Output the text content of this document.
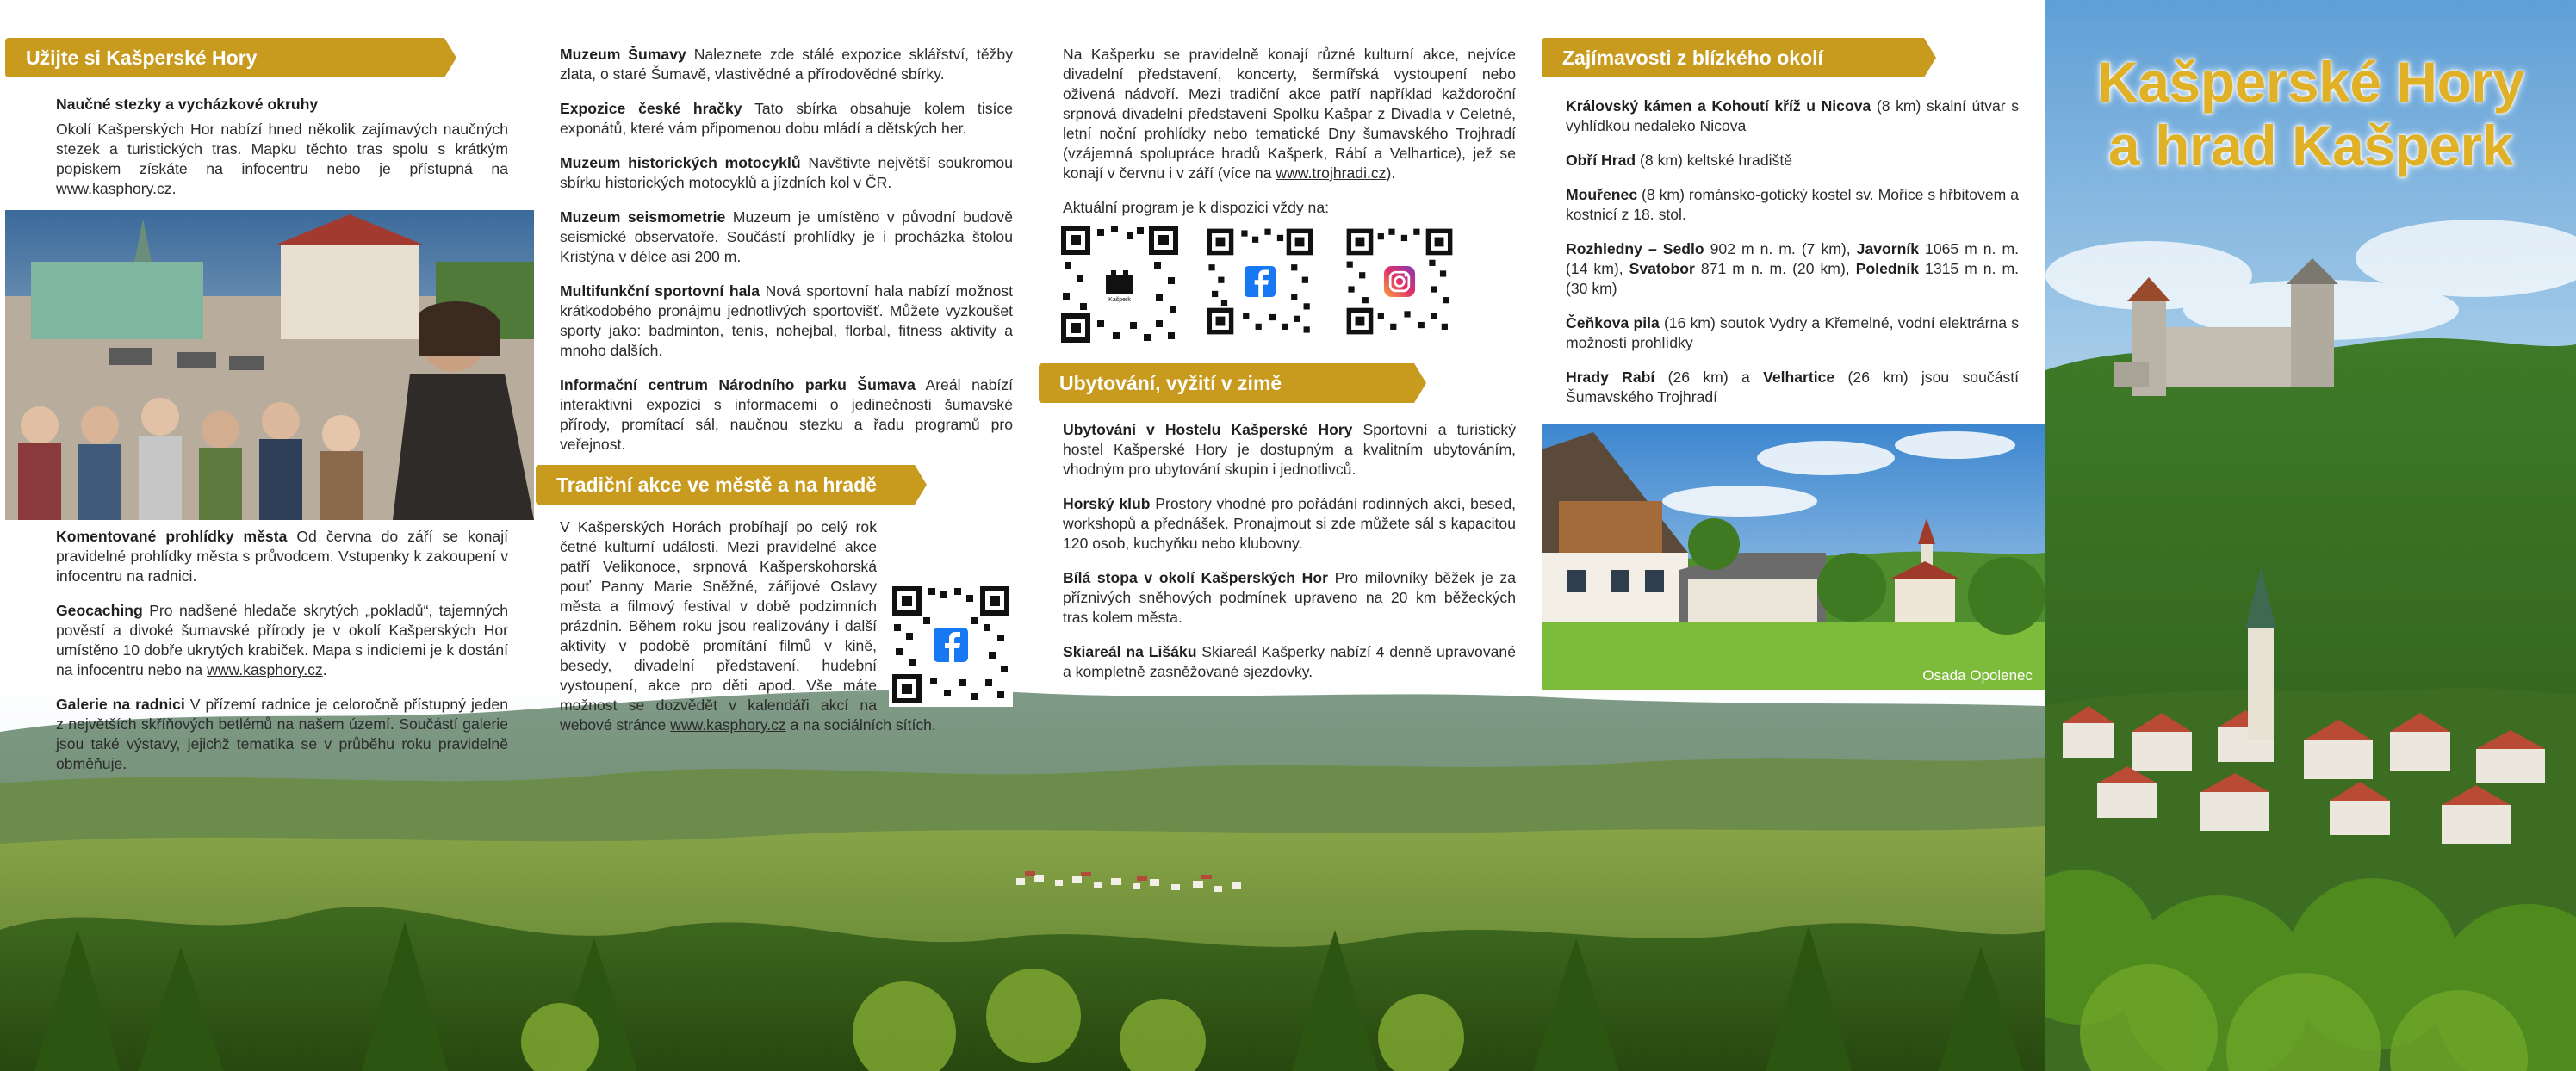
Kašperské Hory
a hrad Kašperk
Užijte si Kašperské Hory
Naučné stezky a vycházkové okruhy

Okolí Kašperských Hor nabízí hned několik zajímavých naučných stezek a turistických tras. Mapku těchto tras spolu s krátkým popiskem získáte na infocentru nebo je přístupná na www.kasphory.cz.

Komentované prohlídky města Od června do září se konají pravidelné prohlídky města s průvodcem. Vstupenky k zakoupení v infocentru na radnici.

Geocaching Pro nadšené hledače skrytých „pokladů“, tajemných pověstí a divoké šumavské přírody je v okolí Kašperských Hor umístěno 10 dobře ukrytých krabiček. Mapa s indiciemi je k dostání na infocentru nebo na www.kasphory.cz.

Galerie na radnici V přízemí radnice je celoročně přístupný jeden z největších skříňových betlémů na našem území. Součástí galerie jsou také výstavy, jejichž tematika se v průběhu roku pravidelně obměňuje.

Muzeum Šumavy Naleznete zde stálé expozice sklářství, těžby zlata, o staré Šumavě, vlastivědné a přírodovědné sbírky.

Expozice české hračky Tato sbírka obsahuje kolem tisíce exponátů, které vám připomenou dobu mládí a dětských her.

Muzeum historických motocyklů Navštivte největší soukromou sbírku historických motocyklů a jízdních kol v ČR.

Muzeum seismometrie Muzeum je umístěno v původní budově seismické observatoře. Součástí prohlídky je i procházka štolou Kristýna v délce asi 200 m.

Multifunkční sportovní hala Nová sportovní hala nabízí možnost krátkodobého pronájmu jednotlivých sportovišť. Můžete vyzkoušet sporty jako: badminton, tenis, nohejbal, florbal, fitness aktivity a mnoho dalších.

Informační centrum Národního parku Šumava Areál nabízí interaktivní expozici s informacemi o jedinečnosti šumavské přírody, promítací sál, naučnou stezku a řadu programů pro veřejnost.

Tradiční akce ve městě a na hradě
V Kašperských Horách probíhají po celý rok četné kulturní události. Mezi pravidelné akce patří Velikonoce, srpnová Kašperskohorská pouť Panny Marie Sněžné, zářijové Oslavy města a filmový festival v době podzimních prázdnin. Během roku jsou realizovány i další aktivity v podobě promítání filmů v kině, besedy, divadelní představení, hudební vystoupení, akce pro děti apod. Vše máte možnost se dozvědět v kalendáři akcí na webové stránce www.kasphory.cz a na sociálních sítích.

Na Kašperku se pravidelně konají různé kulturní akce, nejvíce divadelní představení, koncerty, šermířská vystoupení nebo oživená nádvoří. Mezi tradiční akce patří například každoroční srpnová divadelní představení Spolku Kašpar z Divadla v Celetné, letní noční prohlídky nebo tematické Dny šumavského Trojhradí (vzájemná spolupráce hradů Kašperk, Rábí a Velhartice), jež se konají v červnu i v září (více na www.trojhradi.cz).

Aktuální program je k dispozici vždy na:

Kašperk
Ubytování, vyžití v zimě

Ubytování v Hostelu Kašperské Hory Sportovní a turistický hostel Kašperské Hory je dostupným a kvalitním ubytováním, vhodným pro ubytování skupin i jednotlivců.

Horský klub Prostory vhodné pro pořádání rodinných akcí, besed, workshopů a přednášek. Pronajmout si zde můžete sál s kapacitou 120 osob, kuchyňku nebo klubovny.

Bílá stopa v okolí Kašperských Hor Pro milovníky běžek je za příznivých sněhových podmínek upraveno na 20 km běžeckých tras kolem města.

Skiareál na Lišáku Skiareál Kašperky nabízí 4 denně upravované a kompletně zasněžované sjezdovky.

Zajímavosti z blízkého okolí

Královský kámen a Kohoutí kříž u Nicova (8 km) skalní útvar s vyhlídkou nedaleko Nicova

Obří Hrad (8 km) keltské hradiště

Mouřenec (8 km) románsko-gotický kostel sv. Mořice s hřbitovem a kostnicí z 18. stol.

Rozhledny – Sedlo 902 m n. m. (7 km), Javorník 1065 m n. m. (14 km), Svatobor 871 m n. m. (20 km), Poledník 1315 m n. m. (30 km)

Čeňkova pila (16 km) soutok Vydry a Křemelné, vodní elektrárna s možností prohlídky

Hrady Rabí (26 km) a Velhartice (26 km) jsou součástí Šumavského Trojhradí

Osada Opolenec
